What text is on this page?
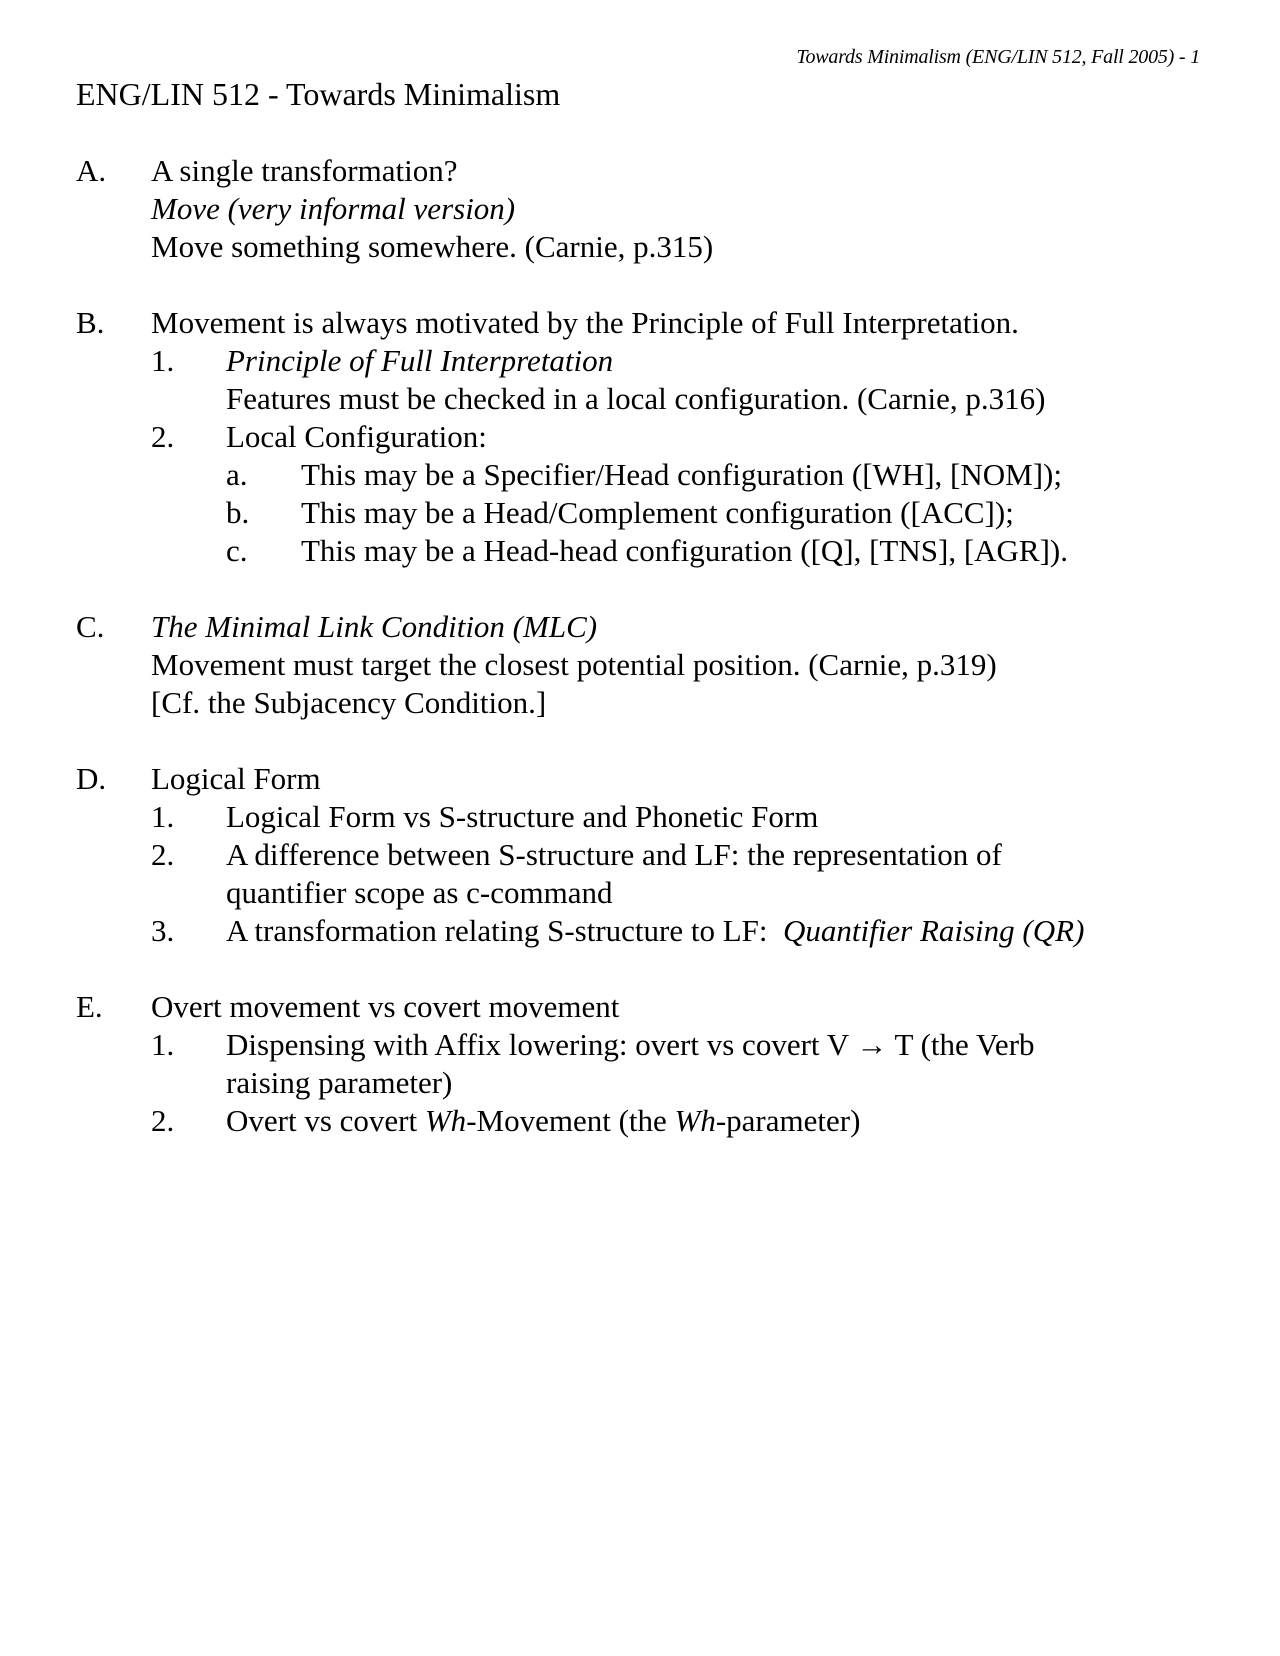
Towards Minimalism (ENG/LIN 512, Fall 2005) - 1
ENG/LIN 512 - Towards Minimalism
A. A single transformation?
Move (very informal version)
Move something somewhere. (Carnie, p.315)
B. Movement is always motivated by the Principle of Full Interpretation.
1. Principle of Full Interpretation
Features must be checked in a local configuration. (Carnie, p.316)
2. Local Configuration:
a. This may be a Specifier/Head configuration ([WH], [NOM]);
b. This may be a Head/Complement configuration ([ACC]);
c. This may be a Head-head configuration ([Q], [TNS], [AGR]).
C. The Minimal Link Condition (MLC)
Movement must target the closest potential position. (Carnie, p.319)
[Cf. the Subjacency Condition.]
D. Logical Form
1. Logical Form vs S-structure and Phonetic Form
2. A difference between S-structure and LF: the representation of quantifier scope as c-command
3. A transformation relating S-structure to LF:  Quantifier Raising (QR)
E. Overt movement vs covert movement
1. Dispensing with Affix lowering: overt vs covert V → T (the Verb raising parameter)
2. Overt vs covert Wh-Movement (the Wh-parameter)
